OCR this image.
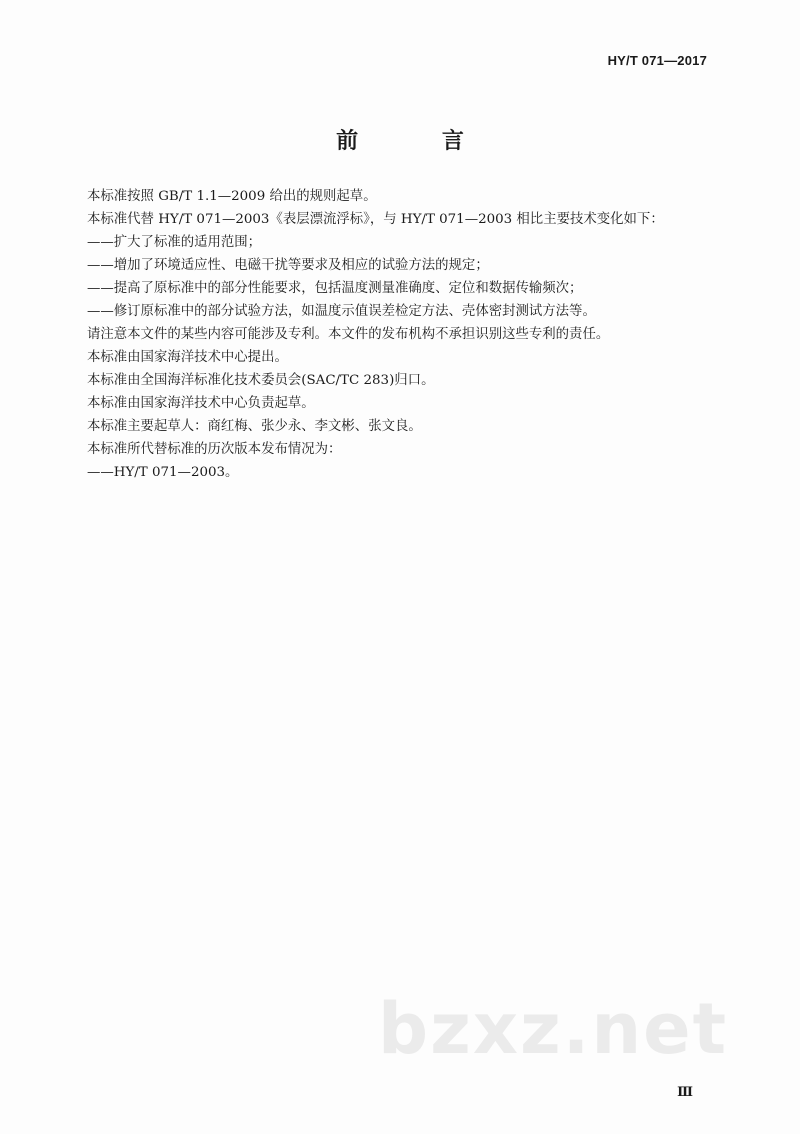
HY/T 071—2017
前 言

本标准按照 GB/T 1.1—2009 给出的规则起草。

本标准代替 HY/T 071—2003《表层漂流浮标》，与 HY/T 071—2003 相比主要技术变化如下：

——扩大了标准的适用范围；

——增加了环境适应性、电磁干扰等要求及相应的试验方法的规定；

——提高了原标准中的部分性能要求，包括温度测量准确度、定位和数据传输频次；

——修订原标准中的部分试验方法，如温度示值误差检定方法、壳体密封测试方法等。

请注意本文件的某些内容可能涉及专利。本文件的发布机构不承担识别这些专利的责任。

本标准由国家海洋技术中心提出。

本标准由全国海洋标准化技术委员会(SAC/TC 283)归口。

本标准由国家海洋技术中心负责起草。

本标准主要起草人：商红梅、张少永、李文彬、张文良。

本标准所代替标准的历次版本发布情况为：

——HY/T 071—2003。

bzxz.net
Ⅲ
